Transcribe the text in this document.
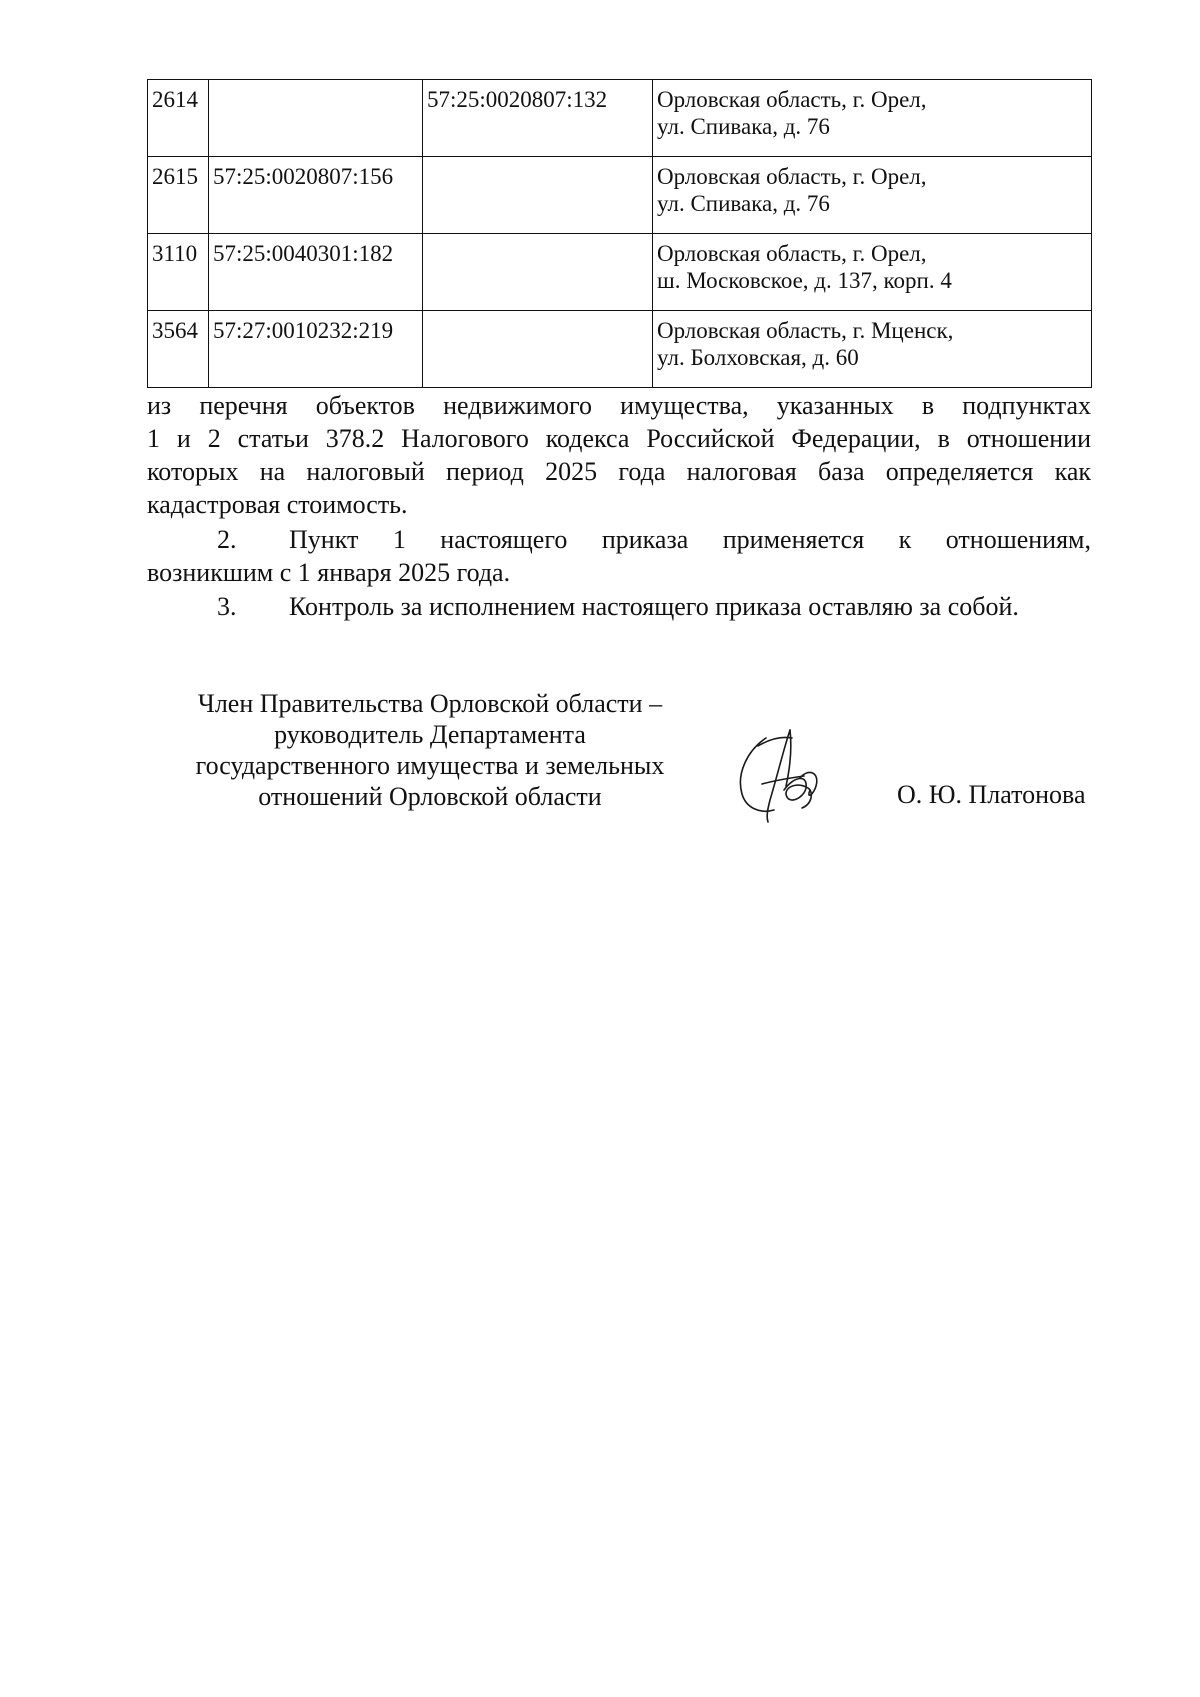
2614		57:25:0020807:132	Орловская область, г. Орел,
ул. Спивака, д. 76

2615	57:25:0020807:156		Орловская область, г. Орел,
ул. Спивака, д. 76

3110	57:25:0040301:182		Орловская область, г. Орел,
ш. Московское, д. 137, корп. 4

3564	57:27:0010232:219		Орловская область, г. Мценск,
ул. Болховская, д. 60
из перечня объектов недвижимого имущества, указанных в подпунктах
1 и 2 статьи 378.2 Налогового кодекса Российской Федерации, в отношении
которых на налоговый период 2025 года налоговая база определяется как
кадастровая стоимость.
2.	Пункт 1 настоящего приказа применяется к отношениям,
возникшим с 1 января 2025 года.
3.	Контроль за исполнением настоящего приказа оставляю за собой.
Член Правительства Орловской области –
руководитель Департамента
государственного имущества и земельных
отношений Орловской области	О. Ю. Платонова
